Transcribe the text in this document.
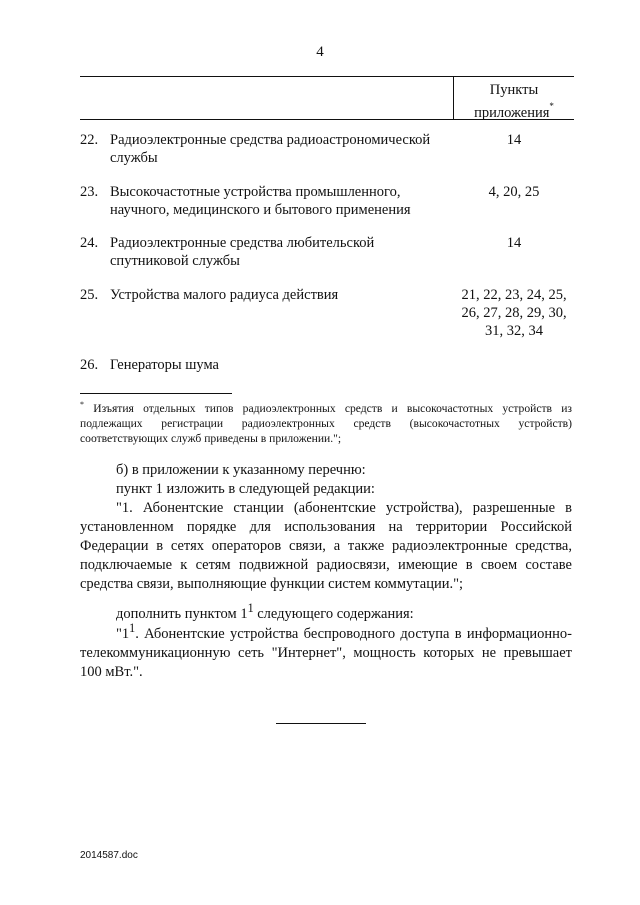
4
Пункты
приложения*
22. Радиоэлектронные средства радиоастрономической
службы
14
23. Высокочастотные устройства промышленного,
научного, медицинского и бытового применения
4, 20, 25
24. Радиоэлектронные средства любительской
спутниковой службы
14
25. Устройства малого радиуса действия	21, 22, 23, 24, 25,
26, 27, 28, 29, 30,
31, 32, 34
26. Генераторы шума
* Изъятия отдельных типов радиоэлектронных средств и высокочастотных устройств из подлежащих регистрации радиоэлектронных средств (высокочастотных устройств) соответствующих служб приведены в приложении.";
б) в приложении к указанному перечню:
пункт 1 изложить в следующей редакции:
"1. Абонентские станции (абонентские устройства), разрешенные в установленном порядке для использования на территории Российской Федерации в сетях операторов связи, а также радиоэлектронные средства, подключаемые к сетям подвижной радиосвязи, имеющие в своем составе средства связи, выполняющие функции систем коммутации.";
дополнить пунктом $1^1$ следующего содержания:
"$1^1$. Абонентские устройства беспроводного доступа в информационно-телекоммуникационную сеть "Интернет", мощность которых не превышает 100 мВт.".
2014587.doc
